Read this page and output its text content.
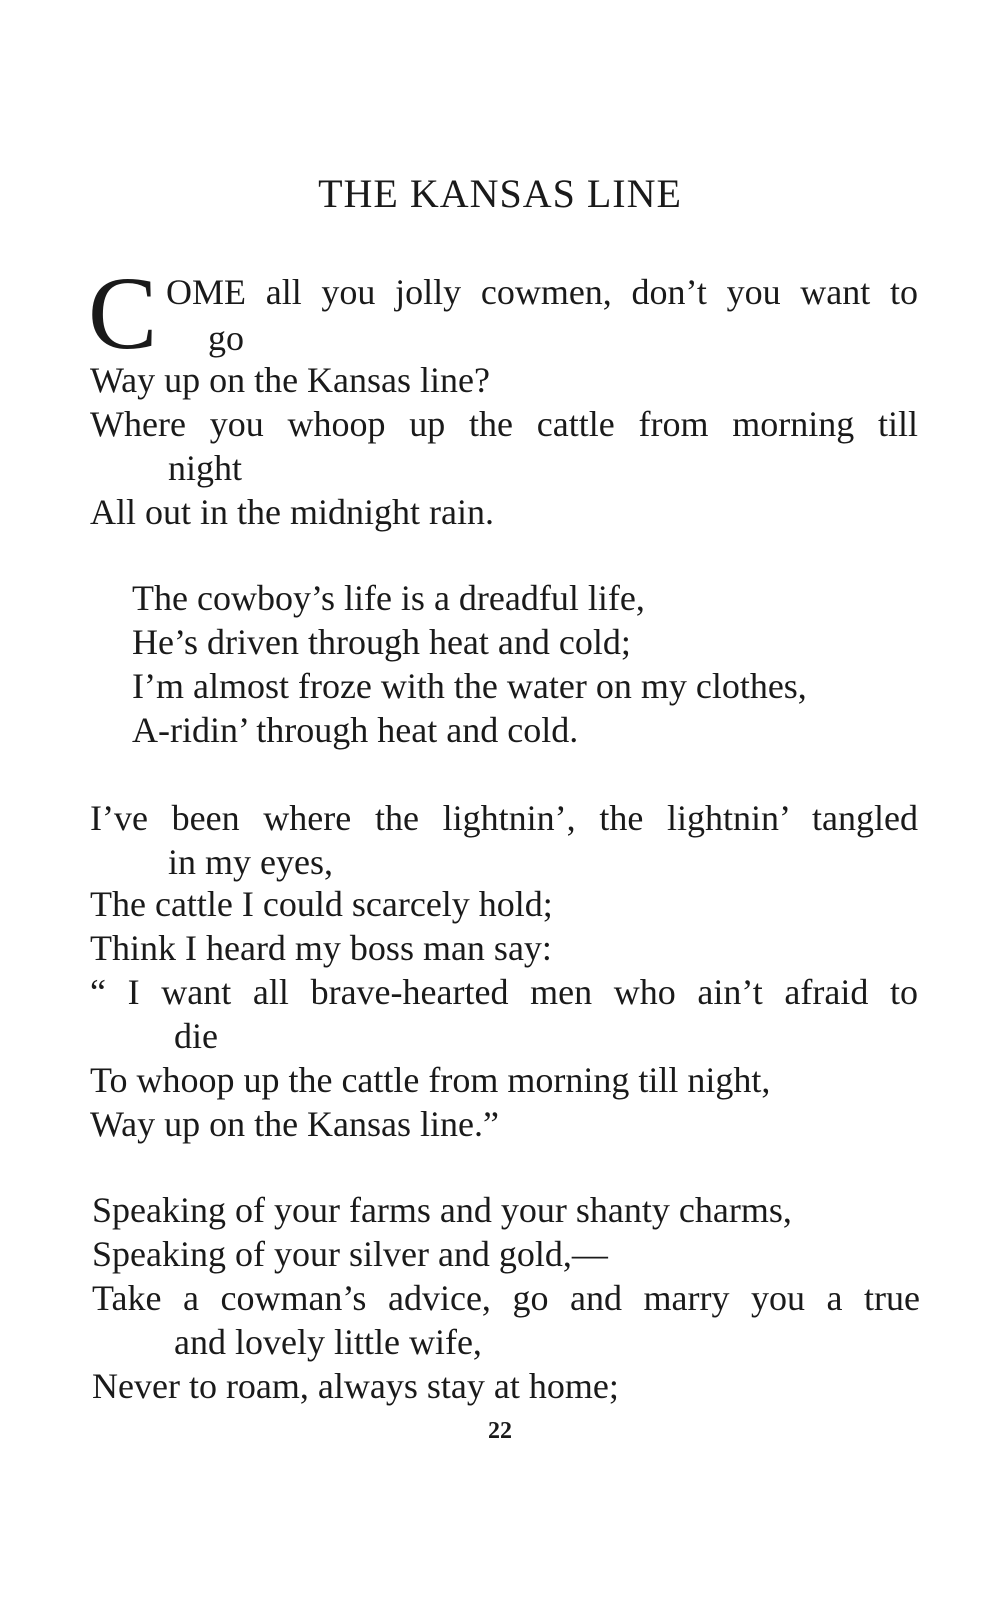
THE KANSAS LINE
C OME all you jolly cowmen, don’t you want to

go

Way up on the Kansas line?

Where you whoop up the cattle from morning till

night

All out in the midnight rain.

The cowboy’s life is a dreadful life,

He’s driven through heat and cold;

I’m almost froze with the water on my clothes,

A-ridin’ through heat and cold.

I’ve been where the lightnin’, the lightnin’ tangled

in my eyes,

The cattle I could scarcely hold;

Think I heard my boss man say:

“ I want all brave-hearted men who ain’t afraid to

die

To whoop up the cattle from morning till night,

Way up on the Kansas line.”

Speaking of your farms and your shanty charms,

Speaking of your silver and gold,—

Take a cowman’s advice, go and marry you a true

and lovely little wife,

Never to roam, always stay at home;

22
